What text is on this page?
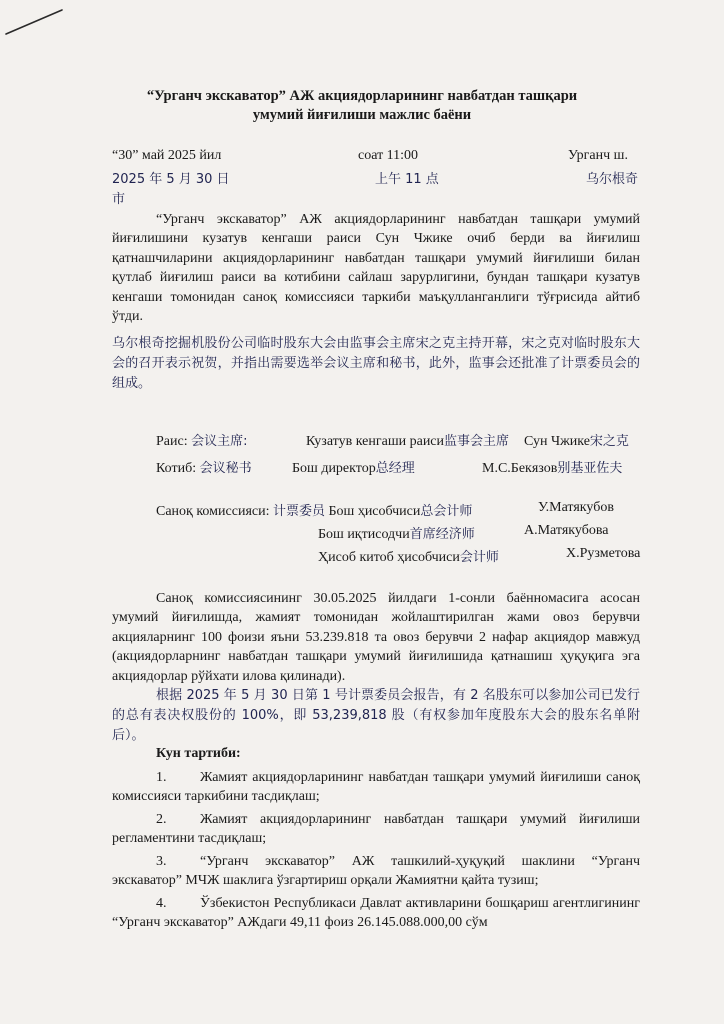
“Урганч экскаватор” АЖ акциядорларининг навбатдан ташқари
умумий йиғилиши мажлис баёни
“30” май 2025 йил	соат 11:00	Урганч ш.
2025 年 5 月 30 日	上午 11 点	乌尔根奇
市

“Урганч экскаватор” АЖ акциядорларининг навбатдан ташқари умумий йиғилишини кузатув кенгаши раиси Сун Чжике очиб берди ва йиғилиш қатнашчиларини акциядорларининг навбатдан ташқари умумий йиғилиши билан қутлаб йиғилиш раиси ва котибини сайлаш зарурлигини, бундан ташқари кузатув кенгаши томонидан саноқ комиссияси таркиби маъқулланганлиги тўғрисида айтиб ўтди.

乌尔根奇挖掘机股份公司临时股东大会由监事会主席宋之克主持开幕，宋之克对临时股东大会的召开表示祝贺，并指出需要选举会议主席和秘书，此外，监事会还批准了计票委员会的组成。

Раис: 会议主席:	Кузатув кенгаши раиси监事会主席 Сун Чжике宋之克
Котиб: 会议秘书	Бош директор总经理	М.С.Бекязов别基亚佐夫
Саноқ комиссияси: 计票委员 Бош ҳисобчиси总会计师	У.Матякубов
Бош иқтисодчи首席经济师	А.Матякубова
Ҳисоб китоб ҳисобчиси会计师	Х.Рузметова

Саноқ комиссиясининг 30.05.2025 йилдаги 1-сонли баённомасига асосан умумий йиғилишда, жамият томонидан жойлаштирилган жами овоз берувчи акцияларнинг 100 фоизи яъни 53.239.818 та овоз берувчи 2 нафар акциядор мавжуд (акциядорларнинг навбатдан ташқари умумий йиғилишида қатнашиш ҳуқуқига эга акциядорлар рўйхати илова қилинади).

根据 2025 年 5 月 30 日第 1 号计票委员会报告，有 2 名股东可以参加公司已发行的总有表决权股份的 100%，即 53,239,818 股（有权参加年度股东大会的股东名单附后）。

Кун тартиби:

1. Жамият акциядорларининг навбатдан ташқари умумий йиғилиши саноқ комиссияси таркибини тасдиқлаш;

2. Жамият акциядорларининг навбатдан ташқари умумий йиғилиши регламентини тасдиқлаш;

3. “Урганч экскаватор” АЖ ташкилий-ҳуқуқий шаклини “Урганч экскаватор” МЧЖ шаклига ўзгартириш орқали Жамиятни қайта тузиш;

4. Ўзбекистон Республикаси Давлат активларини бошқариш агентлигининг “Урганч экскаватор” АЖдаги 49,11 фоиз 26.145.088.000,00 сўм
